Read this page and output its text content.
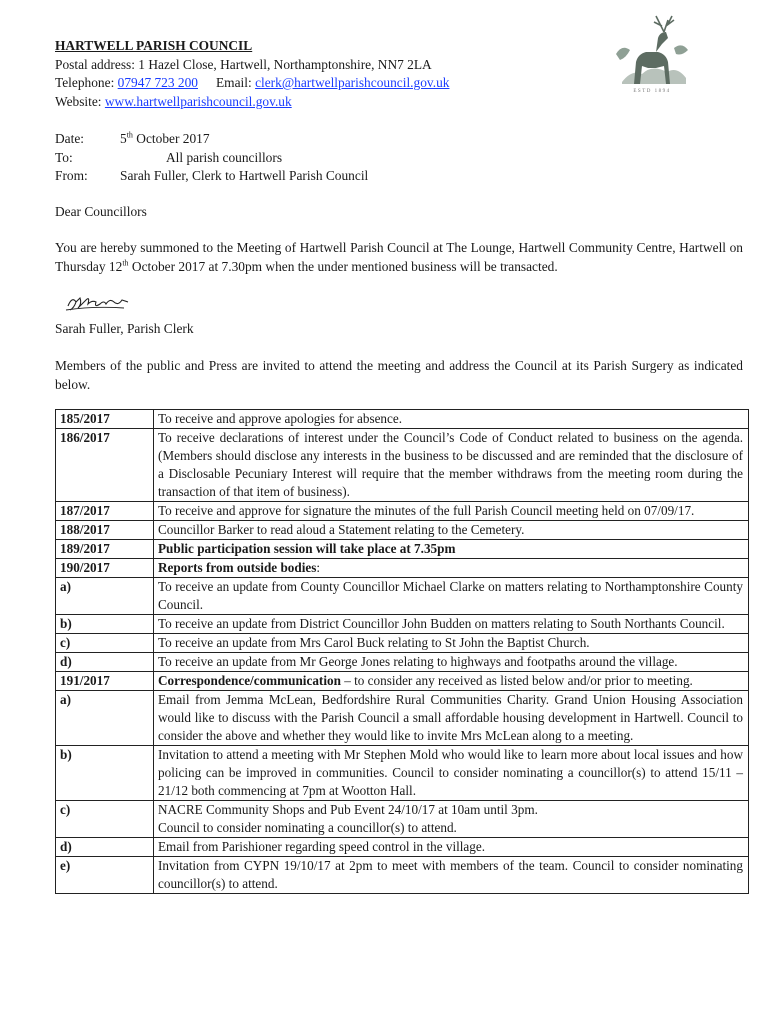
HARTWELL PARISH COUNCIL
Postal address: 1 Hazel Close, Hartwell, Northamptonshire, NN7 2LA
Telephone: 07947 723 200 Email: clerk@hartwellparishcouncil.gov.uk
Website: www.hartwellparishcouncil.gov.uk
ESTD 1894
Date:	5th October 2017
To:	All parish councillors
From:	Sarah Fuller, Clerk to Hartwell Parish Council
Dear Councillors
You are hereby summoned to the Meeting of Hartwell Parish Council at The Lounge, Hartwell Community Centre, Hartwell on Thursday 12th October 2017 at 7.30pm when the under mentioned business will be transacted.
Sarah Fuller, Parish Clerk
Members of the public and Press are invited to attend the meeting and address the Council at its Parish Surgery as indicated below.
185/2017	To receive and approve apologies for absence.
186/2017	To receive declarations of interest under the Council’s Code of Conduct related to business on the agenda. (Members should disclose any interests in the business to be discussed and are reminded that the disclosure of a Disclosable Pecuniary Interest will require that the member withdraws from the meeting room during the transaction of that item of business).
187/2017	To receive and approve for signature the minutes of the full Parish Council meeting held on 07/09/17.
188/2017	Councillor Barker to read aloud a Statement relating to the Cemetery.
189/2017	Public participation session will take place at 7.35pm
190/2017	Reports from outside bodies:
a)	To receive an update from County Councillor Michael Clarke on matters relating to Northamptonshire County Council.
b)	To receive an update from District Councillor John Budden on matters relating to South Northants Council.
c)	To receive an update from Mrs Carol Buck relating to St John the Baptist Church.
d)	To receive an update from Mr George Jones relating to highways and footpaths around the village.
191/2017	Correspondence/communication – to consider any received as listed below and/or prior to meeting.
a)	Email from Jemma McLean, Bedfordshire Rural Communities Charity. Grand Union Housing Association would like to discuss with the Parish Council a small affordable housing development in Hartwell. Council to consider the above and whether they would like to invite Mrs McLean along to a meeting.
b)	Invitation to attend a meeting with Mr Stephen Mold who would like to learn more about local issues and how policing can be improved in communities. Council to consider nominating a councillor(s) to attend 15/11 – 21/12 both commencing at 7pm at Wootton Hall.
c)	NACRE Community Shops and Pub Event 24/10/17 at 10am until 3pm.
Council to consider nominating a councillor(s) to attend.

d)	Email from Parishioner regarding speed control in the village.
e)	Invitation from CYPN 19/10/17 at 2pm to meet with members of the team. Council to consider nominating councillor(s) to attend.
